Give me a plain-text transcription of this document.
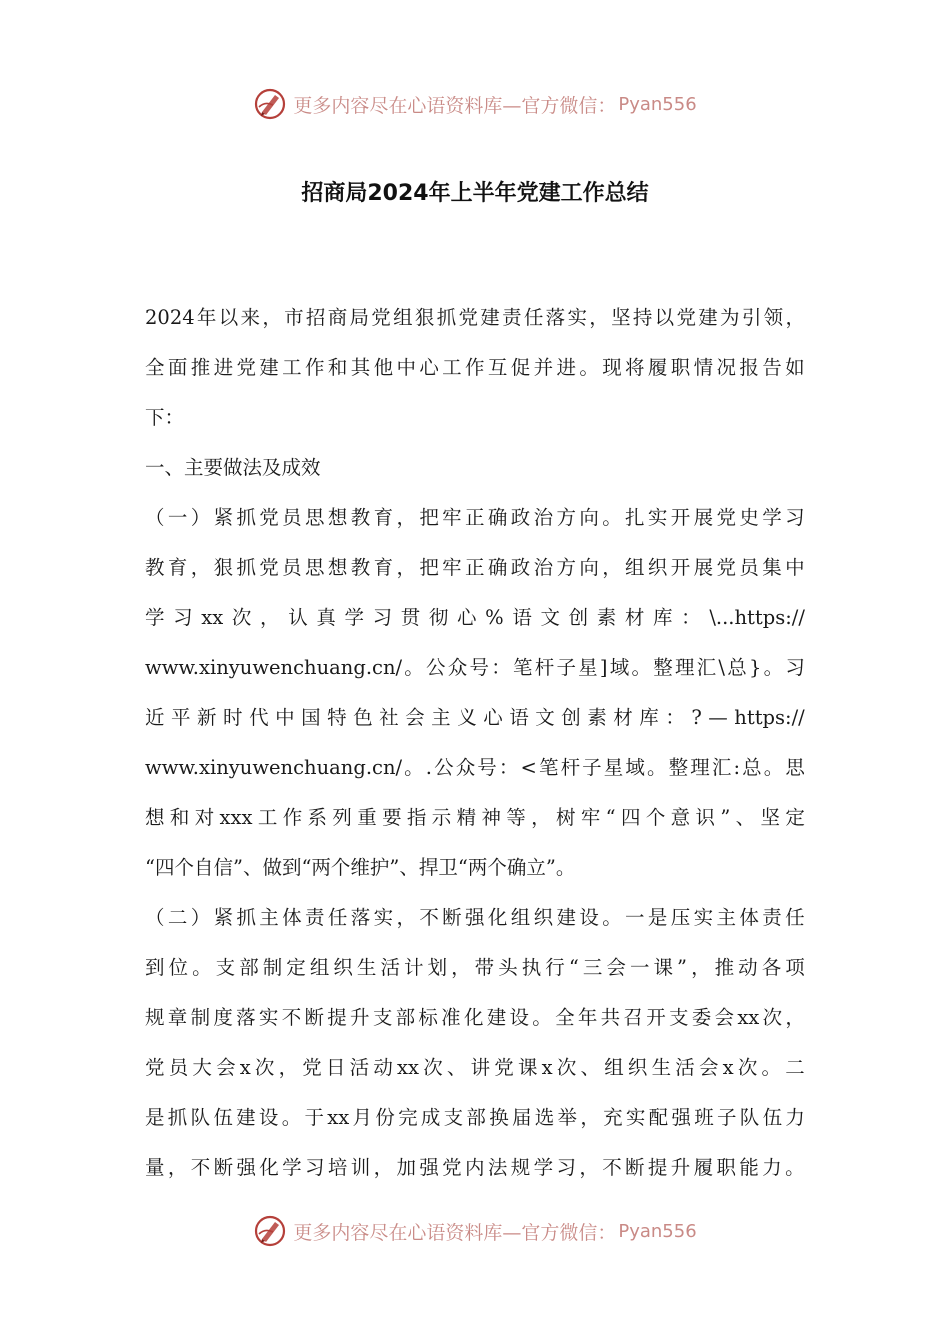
更多内容尽在心语资料库—官方微信： Pyan556
招商局2024年上半年党建工作总结
2024 年 以 来 ， 市 招 商 局 党 组 狠 抓 党 建 责 任 落 实 ， 坚 持 以 党 建 为 引 领 ，
全 面 推 进 党 建 工 作 和 其 他 中 心 工 作 互 促 并 进 。 现 将 履 职 情 况 报 告 如
下：
一、主要做法及成效
（ 一 ） 紧 抓 党 员 思 想 教 育 ， 把 牢 正 确 政 治 方 向 。 扎 实 开 展 党 史 学 习
教 育 ， 狠 抓 党 员 思 想 教 育 ， 把 牢 正 确 政 治 方 向 ， 组 织 开 展 党 员 集 中
学 习 xx 次 ， 认 真 学 习 贯 彻 心 % 语 文 创 素 材 库 ： \...https://
www.xinyuwenchuang.cn/ 。 公 众 号 ： 笔 杆 子 星 ] 域 。 整 理 汇 \ 总 } 。 习
近 平 新 时 代 中 国 特 色 社 会 主 义 心 语 文 创 素 材 库 ： ? — https://
www.xinyuwenchuang.cn/ 。 . 公 众 号 ： < 笔 杆 子 星 域 。 整 理 汇 : 总 。 思
想 和 对 xxx 工 作 系 列 重 要 指 示 精 神 等 ， 树 牢 “ 四 个 意 识 ” 、 坚 定
“四个自信”、做到“两个维护”、捍卫“两个确立”。
（ 二 ） 紧 抓 主 体 责 任 落 实 ， 不 断 强 化 组 织 建 设 。 一 是 压 实 主 体 责 任
到 位 。 支 部 制 定 组 织 生 活 计 划 ， 带 头 执 行 “ 三 会 一 课 ” ， 推 动 各 项
规 章 制 度 落 实 不 断 提 升 支 部 标 准 化 建 设 。 全 年 共 召 开 支 委 会 xx 次 ，
党 员 大 会 x 次 ， 党 日 活 动 xx 次 、 讲 党 课 x 次 、 组 织 生 活 会 x 次 。 二
是 抓 队 伍 建 设 。 于 xx 月 份 完 成 支 部 换 届 选 举 ， 充 实 配 强 班 子 队 伍 力
量 ， 不 断 强 化 学 习 培 训 ， 加 强 党 内 法 规 学 习 ， 不 断 提 升 履 职 能 力 。
更多内容尽在心语资料库—官方微信： Pyan556
